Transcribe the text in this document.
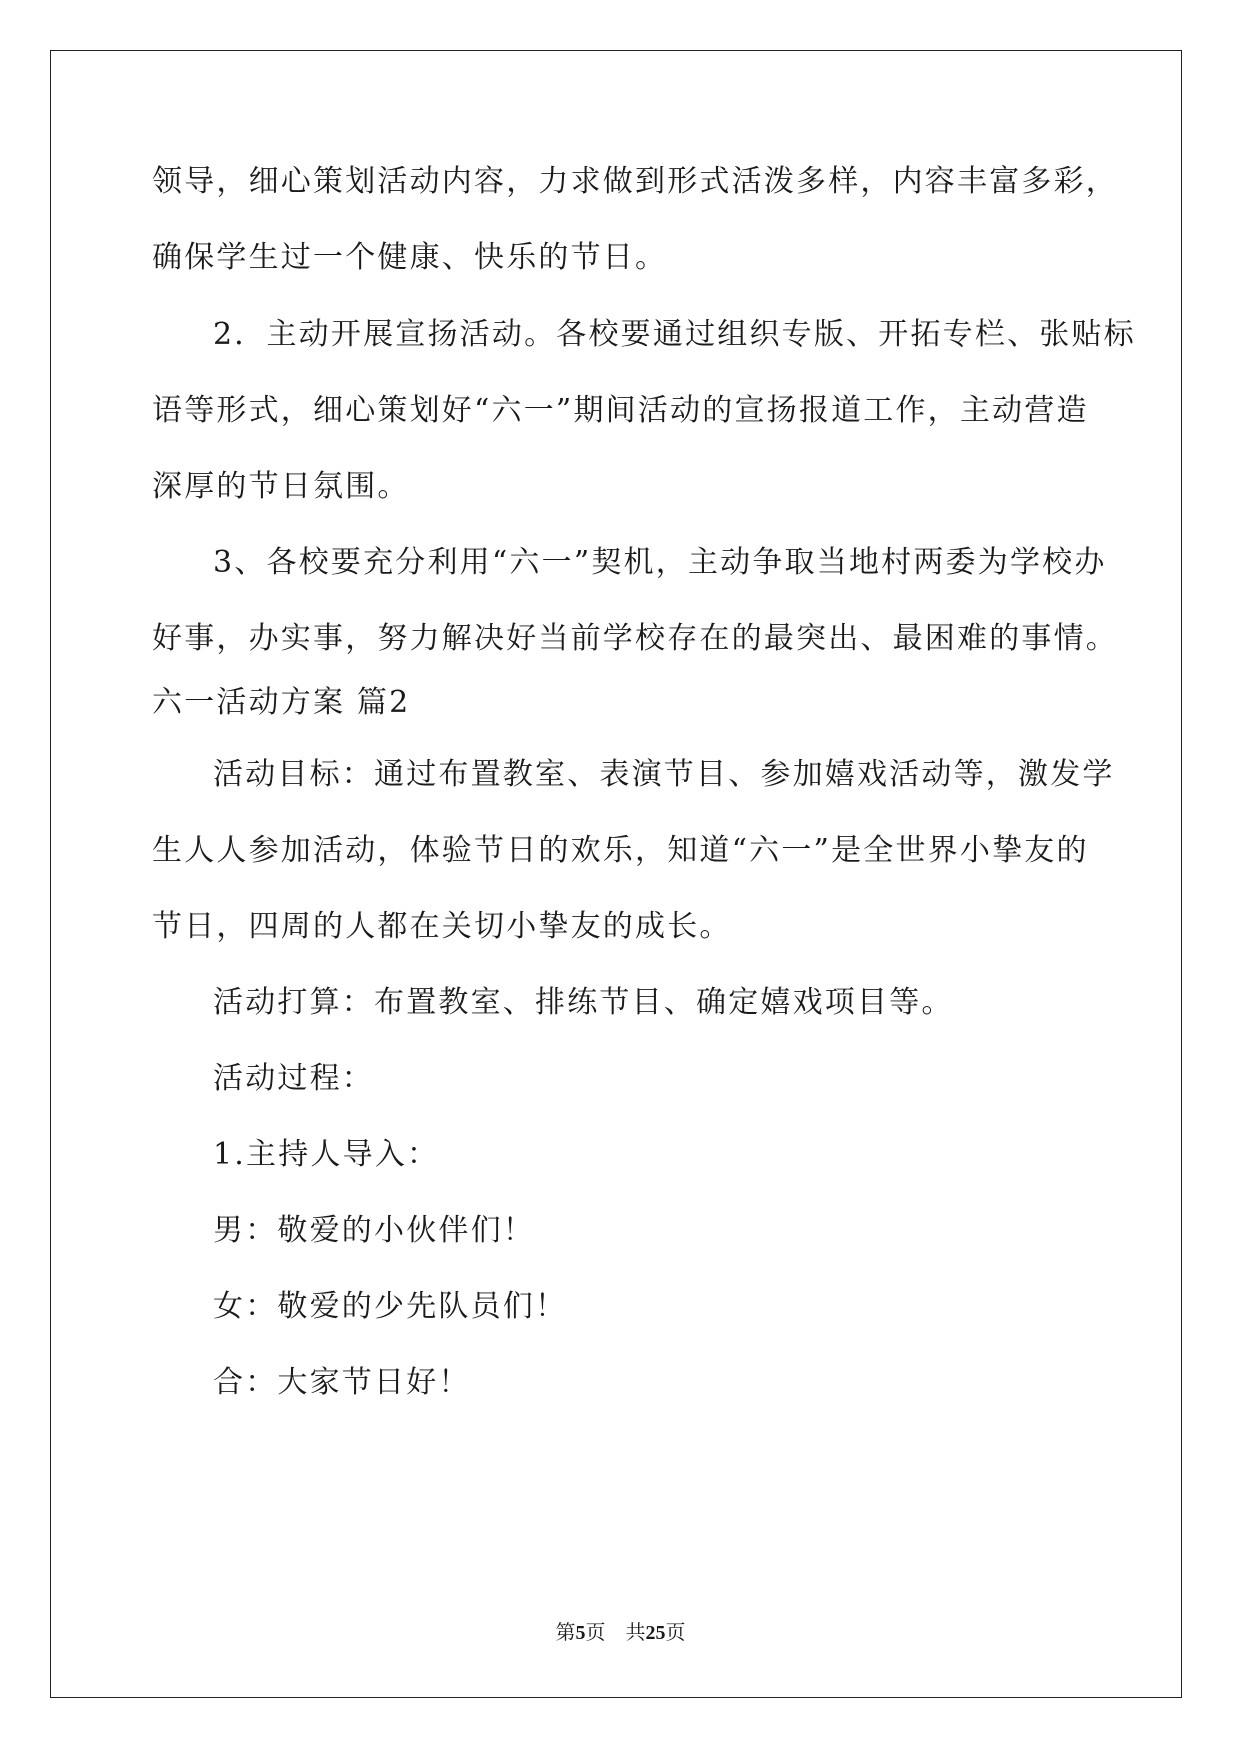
领导，细心策划活动内容，力求做到形式活泼多样，内容丰富多彩，

确保学生过一个健康、快乐的节日。

2．主动开展宣扬活动。各校要通过组织专版、开拓专栏、张贴标

语等形式，细心策划好“六一”期间活动的宣扬报道工作，主动营造

深厚的节日氛围。

3、各校要充分利用“六一”契机，主动争取当地村两委为学校办

好事，办实事，努力解决好当前学校存在的最突出、最困难的事情。

六一活动方案 篇2

活动目标：通过布置教室、表演节目、参加嬉戏活动等，激发学

生人人参加活动，体验节日的欢乐，知道“六一”是全世界小挚友的

节日，四周的人都在关切小挚友的成长。

活动打算：布置教室、排练节目、确定嬉戏项目等。

活动过程：

1.主持人导入：

男：敬爱的小伙伴们！

女：敬爱的少先队员们！

合：大家节日好！

第5页　共25页
